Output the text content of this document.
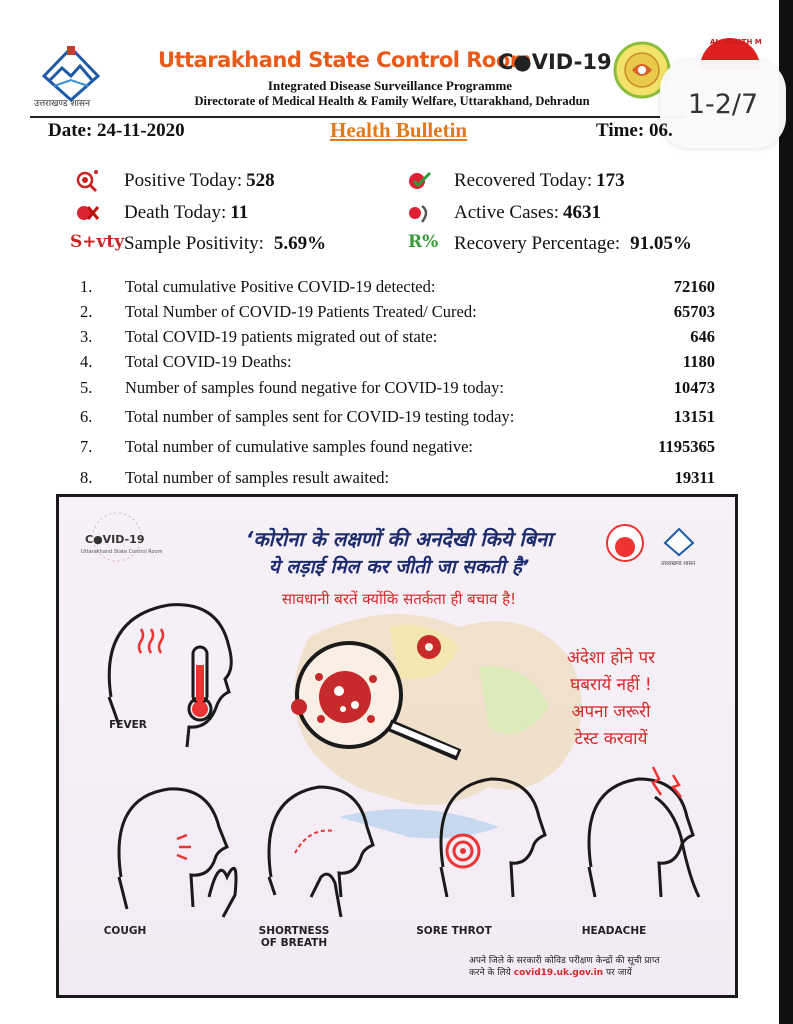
उत्तराखण्ड शासन
Uttarakhand State Control Room
C●VID-19
Integrated Disease Surveillance Programme
Directorate of Medical Health & Family Welfare, Uttarakhand, Dehradun
AL HEALTH M
1-2/7
Date: 24-11-2020	Health Bulletin	Time: 06.
Positive Today: 528	Recovered Today: 173
Death Today: 11	Active Cases: 4631
S+vty Sample Positivity: 5.69%	R% Recovery Percentage: 91.05%
1. Total cumulative Positive COVID-19 detected:	72160
2. Total Number of COVID-19 Patients Treated/ Cured:	65703
3. Total COVID-19 patients migrated out of state:	646
4. Total COVID-19 Deaths:	1180
5. Number of samples found negative for COVID-19 today:	10473
6. Total number of samples sent for COVID-19 testing today:	13151
7. Total number of cumulative samples found negative:	1195365
8. Total number of samples result awaited:	19311
C●VID-19
Uttarakhand State Control Room
उत्तराखण्ड शासन
‘कोरोना के लक्षणों की अनदेखी किये बिना
ये लड़ाई मिल कर जीती जा सकती है’
सावधानी बरतें क्योंकि सतर्कता ही बचाव है!
अंदेशा होने पर
घबरायें नहीं !
अपना जरूरी
टेस्ट करवायें
FEVER
COUGH	SHORTNESS
OF BREATH
SORE THROT	HEADACHE
अपने जिले के सरकारी कोविड परीक्षण केन्द्रों की सूची प्राप्त
करने के लिये covid19.uk.gov.in पर जायें
